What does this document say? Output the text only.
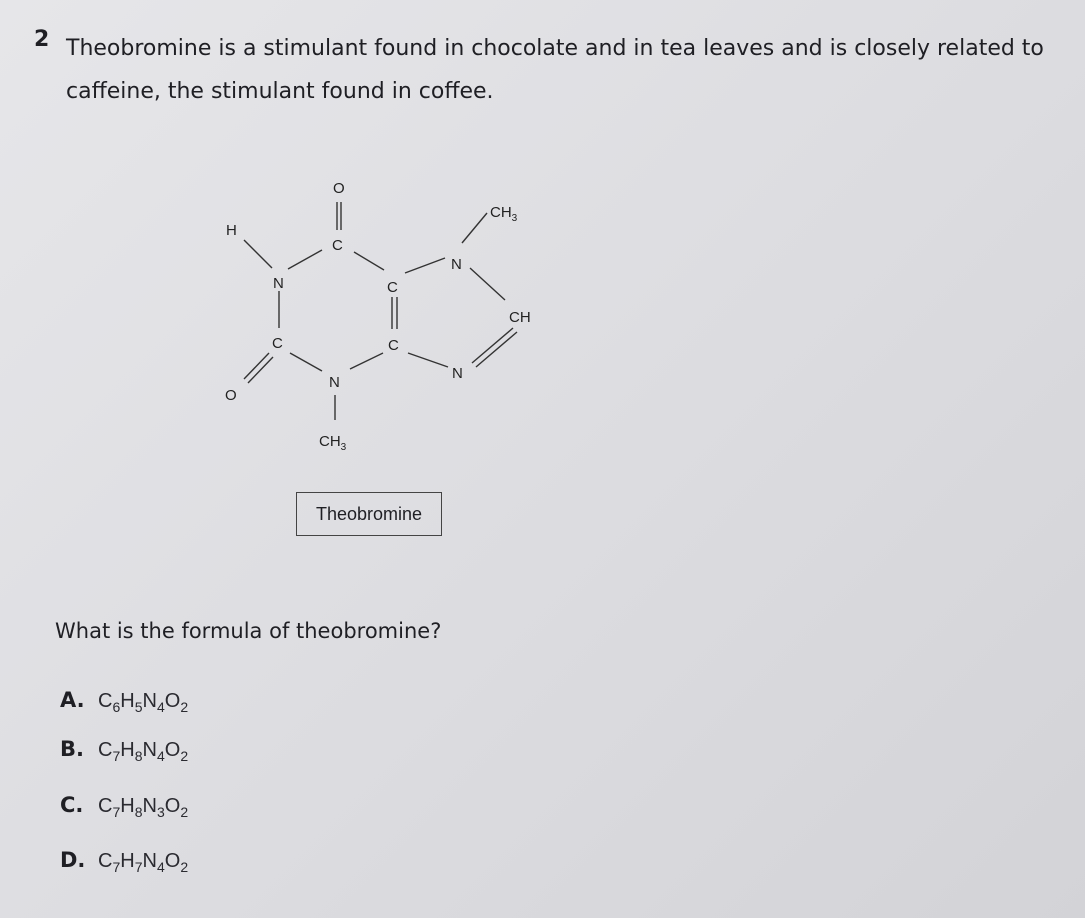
2 Theobromine is a stimulant found in chocolate and in tea leaves and is closely related to caffeine, the stimulant found in coffee.
O
C
H
N
C
O
N
$CH_3$
C
C
N
$CH_3$
CH
N
Theobromine
What is the formula of theobromine?
A. $C_6H_5N_4O_2$
B. $C_7H_8N_4O_2$
C. $C_7H_8N_3O_2$
D. $C_7H_7N_4O_2$
